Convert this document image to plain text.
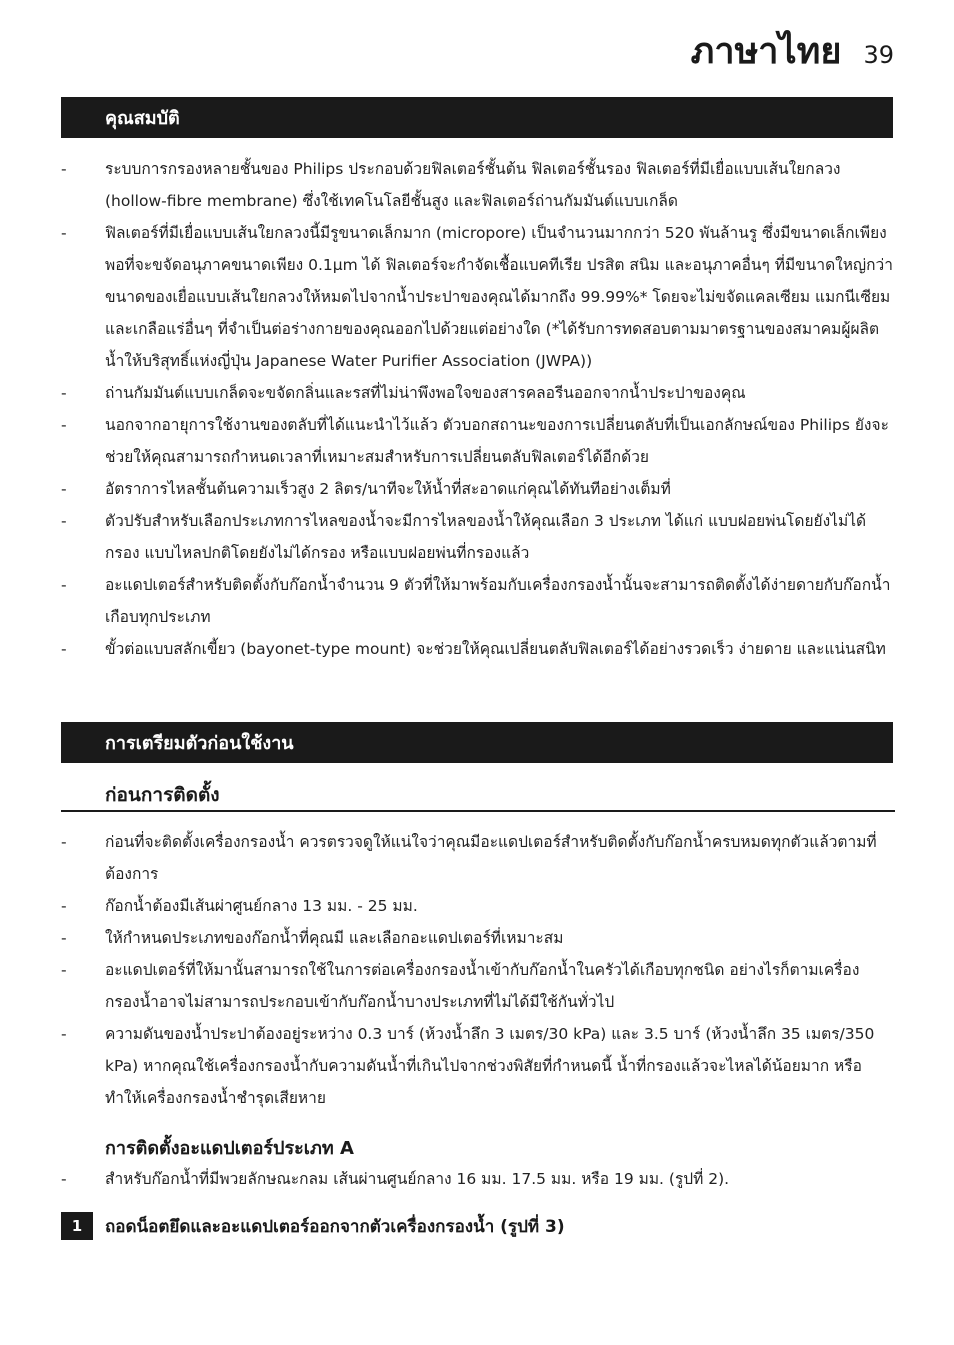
ภาษาไทย 39
คุณสมบัติ
- ระบบการกรองหลายชั้นของ Philips ประกอบด้วยฟิลเตอร์ชั้นต้น ฟิลเตอร์ชั้นรอง ฟิลเตอร์ที่มีเยื่อแบบเส้นใยกลวง (hollow-fibre membrane) ซึ่งใช้เทคโนโลยีชั้นสูง และฟิลเตอร์ถ่านกัมมันต์แบบเกล็ด
- ฟิลเตอร์ที่มีเยื่อแบบเส้นใยกลวงนี้มีรูขนาดเล็กมาก (micropore) เป็นจำนวนมากกว่า 520 พันล้านรู ซึ่งมีขนาดเล็กเพียงพอที่จะขจัดอนุภาคขนาดเพียง 0.1µm ได้ ฟิลเตอร์จะกำจัดเชื้อแบคทีเรีย ปรสิต สนิม และอนุภาคอื่นๆ ที่มีขนาดใหญ่กว่าขนาดของเยื่อแบบเส้นใยกลวงให้หมดไปจากน้ำประปาของคุณได้มากถึง 99.99%* โดยจะไม่ขจัดแคลเซียม แมกนีเซียม และเกลือแร่อื่นๆ ที่จำเป็นต่อร่างกายของคุณออกไปด้วยแต่อย่างใด (*ได้รับการทดสอบตามมาตรฐานของสมาคมผู้ผลิตน้ำให้บริสุทธิ์แห่งญี่ปุ่น Japanese Water Purifier Association (JWPA))
- ถ่านกัมมันต์แบบเกล็ดจะขจัดกลิ่นและรสที่ไม่น่าพึงพอใจของสารคลอรีนออกจากน้ำประปาของคุณ
- นอกจากอายุการใช้งานของตลับที่ได้แนะนำไว้แล้ว ตัวบอกสถานะของการเปลี่ยนตลับที่เป็นเอกลักษณ์ของ Philips ยังจะช่วยให้คุณสามารถกำหนดเวลาที่เหมาะสมสำหรับการเปลี่ยนตลับฟิลเตอร์ได้อีกด้วย
- อัตราการไหลชั้นต้นความเร็วสูง 2 ลิตร/นาทีจะให้น้ำที่สะอาดแก่คุณได้ทันทีอย่างเต็มที่
- ตัวปรับสำหรับเลือกประเภทการไหลของน้ำจะมีการไหลของน้ำให้คุณเลือก 3 ประเภท ได้แก่ แบบฝอยพ่นโดยยังไม่ได้กรอง แบบไหลปกติโดยยังไม่ได้กรอง หรือแบบฝอยพ่นที่กรองแล้ว
- อะแดปเตอร์สำหรับติดตั้งกับก๊อกน้ำจำนวน 9 ตัวที่ให้มาพร้อมกับเครื่องกรองน้ำนั้นจะสามารถติดตั้งได้ง่ายดายกับก๊อกน้ำเกือบทุกประเภท
- ขั้วต่อแบบสลักเขี้ยว (bayonet-type mount) จะช่วยให้คุณเปลี่ยนตลับฟิลเตอร์ได้อย่างรวดเร็ว ง่ายดาย และแน่นสนิท
การเตรียมตัวก่อนใช้งาน
ก่อนการติดตั้ง
- ก่อนที่จะติดตั้งเครื่องกรองน้ำ ควรตรวจดูให้แน่ใจว่าคุณมีอะแดปเตอร์สำหรับติดตั้งกับก๊อกน้ำครบหมดทุกตัวแล้วตามที่ต้องการ
- ก๊อกน้ำต้องมีเส้นผ่าศูนย์กลาง 13 มม. - 25 มม.
- ให้กำหนดประเภทของก๊อกน้ำที่คุณมี และเลือกอะแดปเตอร์ที่เหมาะสม
- อะแดปเตอร์ที่ให้มานั้นสามารถใช้ในการต่อเครื่องกรองน้ำเข้ากับก๊อกน้ำในครัวได้เกือบทุกชนิด อย่างไรก็ตามเครื่องกรองน้ำอาจไม่สามารถประกอบเข้ากับก๊อกน้ำบางประเภทที่ไม่ได้มีใช้กันทั่วไป
- ความดันของน้ำประปาต้องอยู่ระหว่าง 0.3 บาร์ (ห้วงน้ำลึก 3 เมตร/30 kPa) และ 3.5 บาร์ (ห้วงน้ำลึก 35 เมตร/350 kPa) หากคุณใช้เครื่องกรองน้ำกับความดันน้ำที่เกินไปจากช่วงพิสัยที่กำหนดนี้ น้ำที่กรองแล้วจะไหลได้น้อยมาก หรือทำให้เครื่องกรองน้ำชำรุดเสียหาย
การติดตั้งอะแดปเตอร์ประเภท A
- สำหรับก๊อกน้ำที่มีพวยลักษณะกลม เส้นผ่านศูนย์กลาง 16 มม. 17.5 มม. หรือ 19 มม. (รูปที่ 2).
1	ถอดน็อตยึดและอะแดปเตอร์ออกจากตัวเครื่องกรองน้ำ (รูปที่ 3)
